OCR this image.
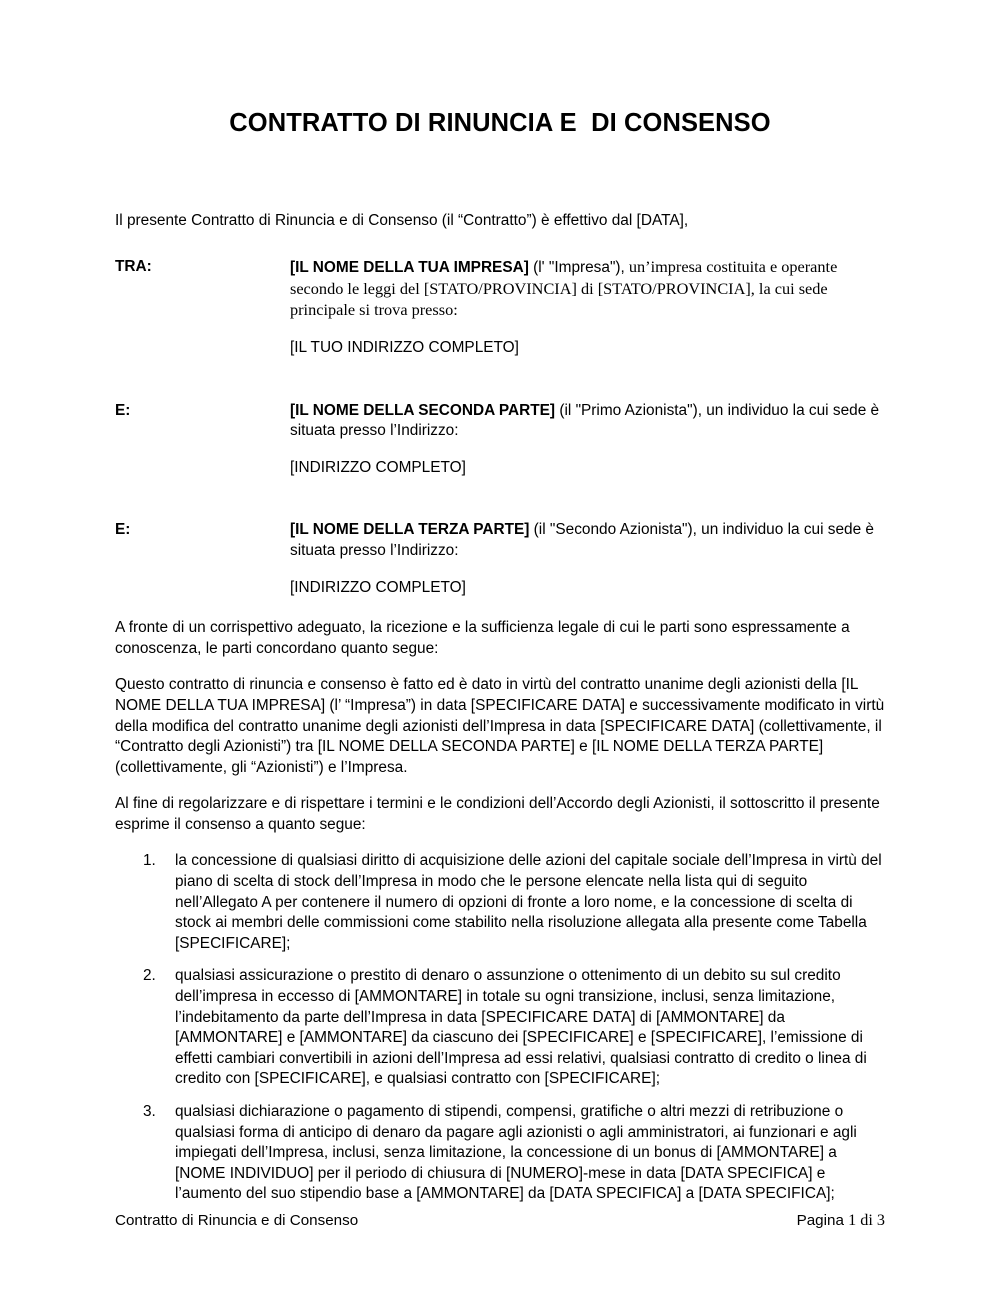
CONTRATTO DI RINUNCIA E  DI CONSENSO

Il presente Contratto di Rinuncia e di Consenso (il “Contratto”) è effettivo dal [DATA],

TRA:	[IL NOME DELLA TUA IMPRESA] (l' "Impresa"), un’impresa costituita e operante secondo le leggi del [STATO/PROVINCIA] di [STATO/PROVINCIA], la cui sede principale si trova presso:
[IL TUO INDIRIZZO COMPLETO]
E:	[IL NOME DELLA SECONDA PARTE] (il "Primo Azionista"), un individuo la cui sede è situata presso l’Indirizzo:
[INDIRIZZO COMPLETO]
E:	[IL NOME DELLA TERZA PARTE] (il "Secondo Azionista"), un individuo la cui sede è situata presso l’Indirizzo:
[INDIRIZZO COMPLETO]

A fronte di un corrispettivo adeguato, la ricezione e la sufficienza legale di cui le parti sono espressamente a conoscenza, le parti concordano quanto segue:

Questo contratto di rinuncia e consenso è fatto ed è dato in virtù del contratto unanime degli azionisti della [IL NOME DELLA TUA IMPRESA] (l’ “Impresa”) in data [SPECIFICARE DATA] e successivamente modificato in virtù della modifica del contratto unanime degli azionisti dell’Impresa in data [SPECIFICARE DATA] (collettivamente, il “Contratto degli Azionisti”) tra [IL NOME DELLA SECONDA PARTE] e [IL NOME DELLA TERZA PARTE] (collettivamente, gli “Azionisti”) e l’Impresa.

Al fine di regolarizzare e di rispettare i termini e le condizioni dell’Accordo degli Azionisti, il sottoscritto il presente esprime il consenso a quanto segue:

1.	la concessione di qualsiasi diritto di acquisizione delle azioni del capitale sociale dell’Impresa in virtù del piano di scelta di stock dell’Impresa in modo che le persone elencate nella lista qui di seguito nell’Allegato A per contenere il numero di opzioni di fronte a loro nome, e la concessione di scelta di stock ai membri delle commissioni come stabilito nella risoluzione allegata alla presente come Tabella [SPECIFICARE];
2.	qualsiasi assicurazione o prestito di denaro o assunzione o ottenimento di un debito su sul credito dell’impresa in eccesso di [AMMONTARE] in totale su ogni transizione, inclusi, senza limitazione, l’indebitamento da parte dell’Impresa in data [SPECIFICARE DATA] di [AMMONTARE] da [AMMONTARE] e [AMMONTARE] da ciascuno dei [SPECIFICARE] e [SPECIFICARE], l’emissione di effetti cambiari convertibili in azioni dell’Impresa ad essi relativi, qualsiasi contratto di credito o linea di credito con [SPECIFICARE], e qualsiasi contratto con [SPECIFICARE];
3.	qualsiasi dichiarazione o pagamento di stipendi, compensi, gratifiche o altri mezzi di retribuzione o qualsiasi forma di anticipo di denaro da pagare agli azionisti o agli amministratori, ai funzionari e agli impiegati dell’Impresa, inclusi, senza limitazione, la concessione di un bonus di [AMMONTARE] a [NOME INDIVIDUO] per il periodo di chiusura di [NUMERO]-mese in data [DATA SPECIFICA] e l’aumento del suo stipendio base a [AMMONTARE] da [DATA SPECIFICA] a [DATA SPECIFICA];
Contratto di Rinuncia e di Consenso	Pagina 1 di 3
